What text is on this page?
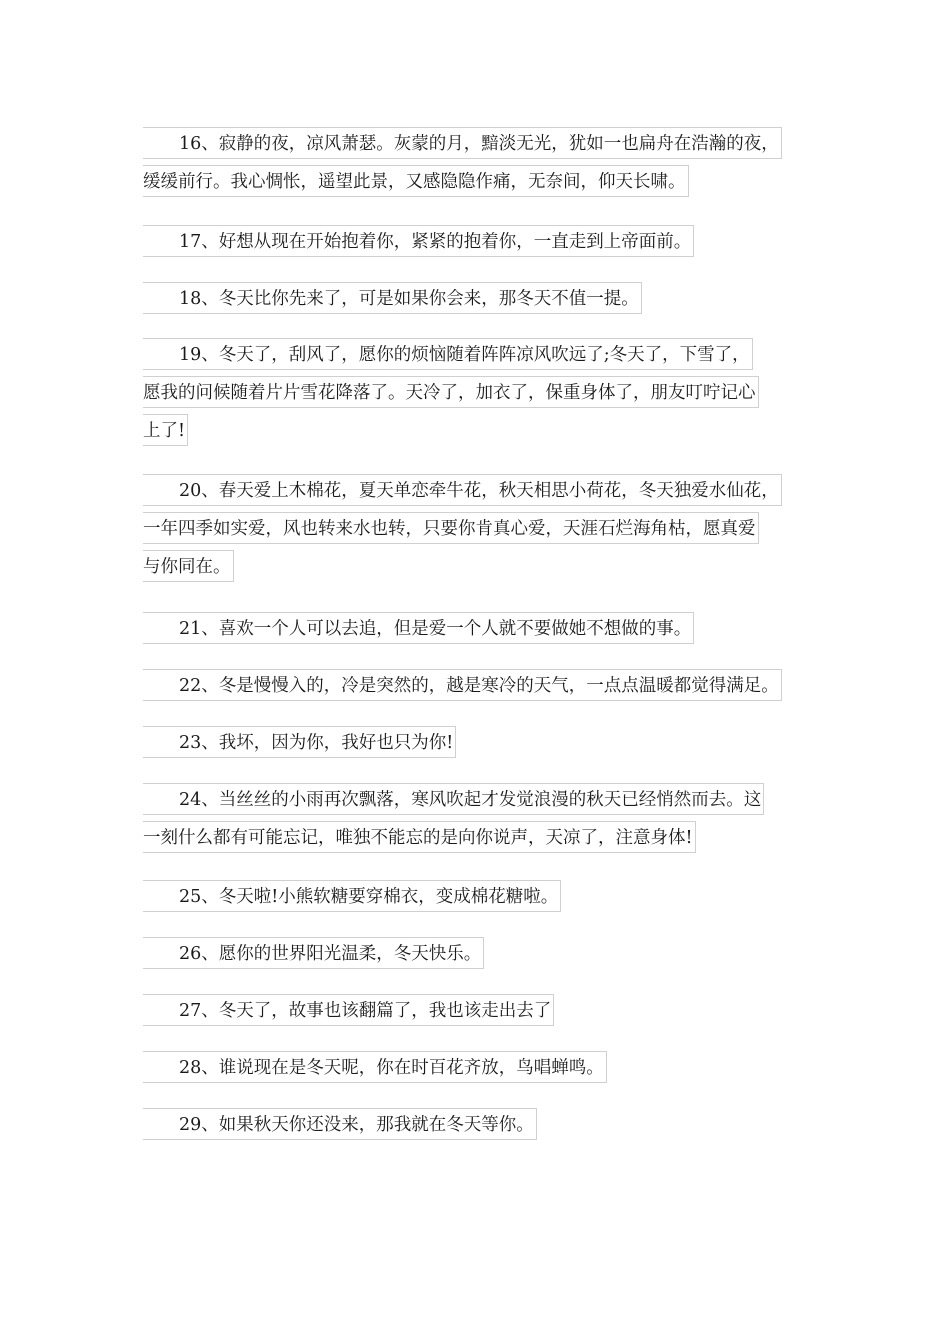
16、寂静的夜，凉风萧瑟。灰蒙的月，黯淡无光，犹如一也扁舟在浩瀚的夜，
缓缓前行。我心惆怅，遥望此景，又感隐隐作痛，无奈间，仰天长啸。
17、好想从现在开始抱着你，紧紧的抱着你，一直走到上帝面前。
18、冬天比你先来了，可是如果你会来，那冬天不值一提。
19、冬天了，刮风了，愿你的烦恼随着阵阵凉风吹远了;冬天了，下雪了，
愿我的问候随着片片雪花降落了。天冷了，加衣了，保重身体了，朋友叮咛记心
上了!
20、春天爱上木棉花，夏天单恋牵牛花，秋天相思小荷花，冬天独爱水仙花，
一年四季如实爱，风也转来水也转，只要你肯真心爱，天涯石烂海角枯，愿真爱
与你同在。
21、喜欢一个人可以去追，但是爱一个人就不要做她不想做的事。
22、冬是慢慢入的，冷是突然的，越是寒冷的天气，一点点温暖都觉得满足。
23、我坏，因为你，我好也只为你!
24、当丝丝的小雨再次飘落，寒风吹起才发觉浪漫的秋天已经悄然而去。这
一刻什么都有可能忘记，唯独不能忘的是向你说声，天凉了，注意身体!
25、冬天啦!小熊软糖要穿棉衣，变成棉花糖啦。
26、愿你的世界阳光温柔，冬天快乐。
27、冬天了，故事也该翻篇了，我也该走出去了
28、谁说现在是冬天呢，你在时百花齐放，鸟唱蝉鸣。
29、如果秋天你还没来，那我就在冬天等你。
